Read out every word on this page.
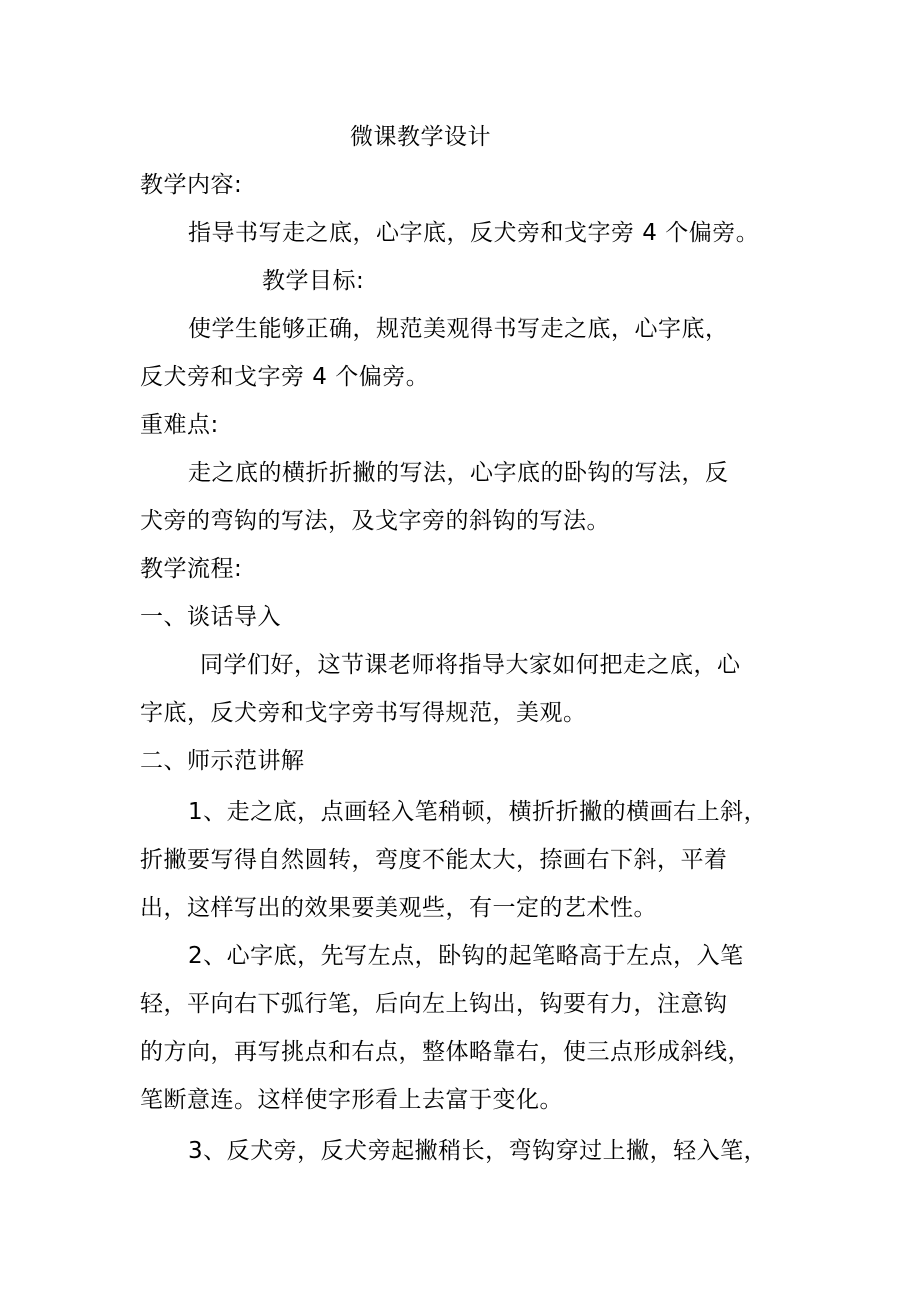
微课教学设计
教学内容:
指导书写走之底，心字底，反犬旁和戈字旁 4 个偏旁。
教学目标:
使学生能够正确，规范美观得书写走之底，心字底，
反犬旁和戈字旁 4 个偏旁。
重难点:
走之底的横折折撇的写法，心字底的卧钩的写法，反
犬旁的弯钩的写法，及戈字旁的斜钩的写法。
教学流程:
一、谈话导入
同学们好，这节课老师将指导大家如何把走之底，心
字底，反犬旁和戈字旁书写得规范，美观。
二、师示范讲解
1、走之底，点画轻入笔稍顿，横折折撇的横画右上斜，
折撇要写得自然圆转，弯度不能太大，捺画右下斜，平着
出，这样写出的效果要美观些，有一定的艺术性。
2、心字底，先写左点，卧钩的起笔略高于左点，入笔
轻，平向右下弧行笔，后向左上钩出，钩要有力，注意钩
的方向，再写挑点和右点，整体略靠右，使三点形成斜线，
笔断意连。这样使字形看上去富于变化。
3、反犬旁，反犬旁起撇稍长，弯钩穿过上撇，轻入笔，
